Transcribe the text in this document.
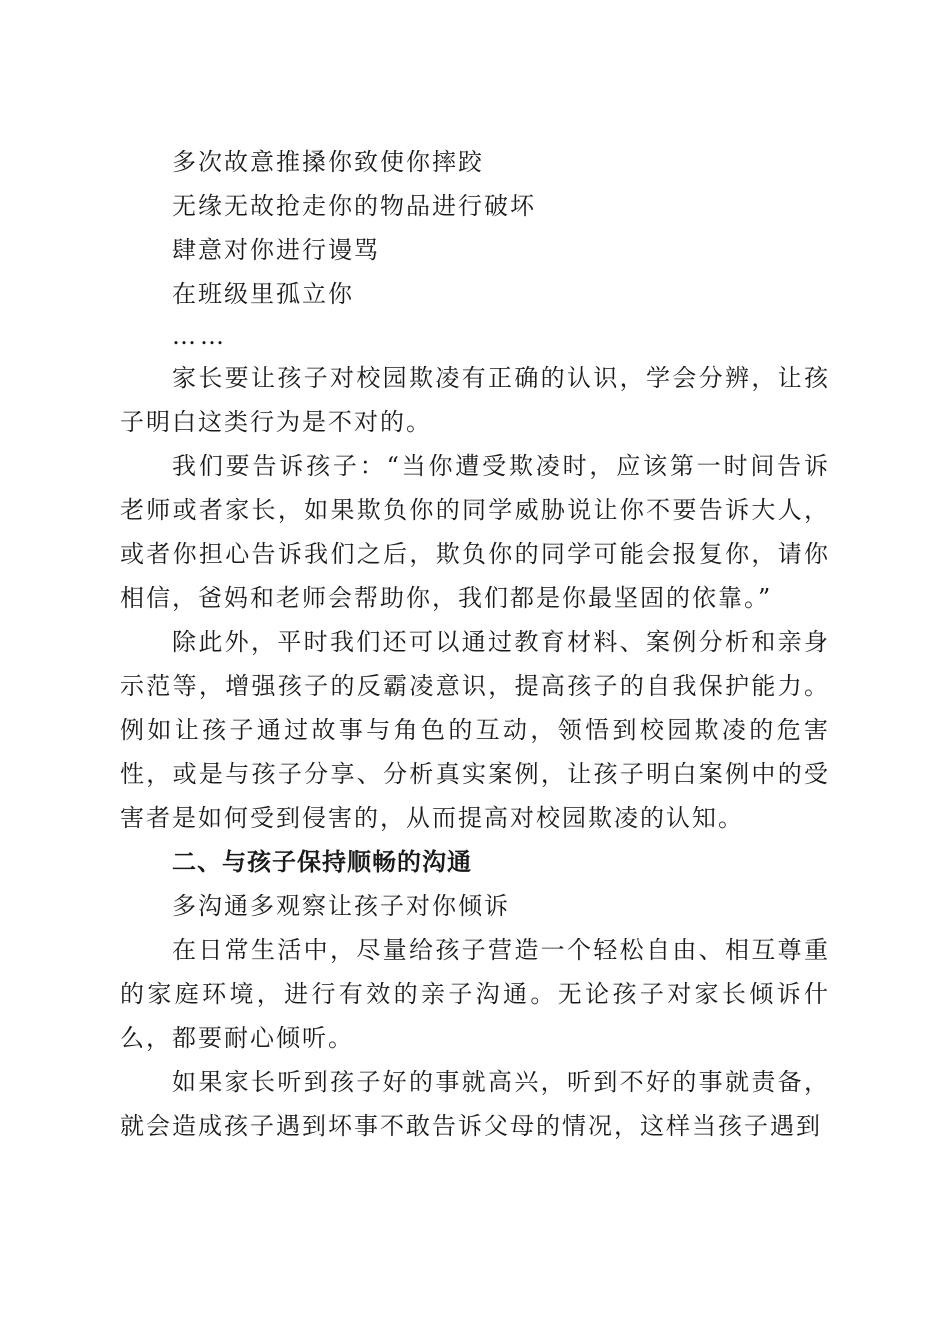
多次故意推搡你致使你摔跤

无缘无故抢走你的物品进行破坏

肆意对你进行谩骂

在班级里孤立你

……

家长要让孩子对校园欺凌有正确的认识，学会分辨，让孩子明白这类行为是不对的。

我们要告诉孩子：“当你遭受欺凌时，应该第一时间告诉老师或者家长，如果欺负你的同学威胁说让你不要告诉大人，或者你担心告诉我们之后，欺负你的同学可能会报复你，请你相信，爸妈和老师会帮助你，我们都是你最坚固的依靠。”

除此外，平时我们还可以通过教育材料、案例分析和亲身示范等，增强孩子的反霸凌意识，提高孩子的自我保护能力。例如让孩子通过故事与角色的互动，领悟到校园欺凌的危害性，或是与孩子分享、分析真实案例，让孩子明白案例中的受害者是如何受到侵害的，从而提高对校园欺凌的认知。

二、与孩子保持顺畅的沟通

多沟通多观察让孩子对你倾诉

在日常生活中，尽量给孩子营造一个轻松自由、相互尊重的家庭环境，进行有效的亲子沟通。无论孩子对家长倾诉什么，都要耐心倾听。

如果家长听到孩子好的事就高兴，听到不好的事就责备，就会造成孩子遇到坏事不敢告诉父母的情况，这样当孩子遇到
